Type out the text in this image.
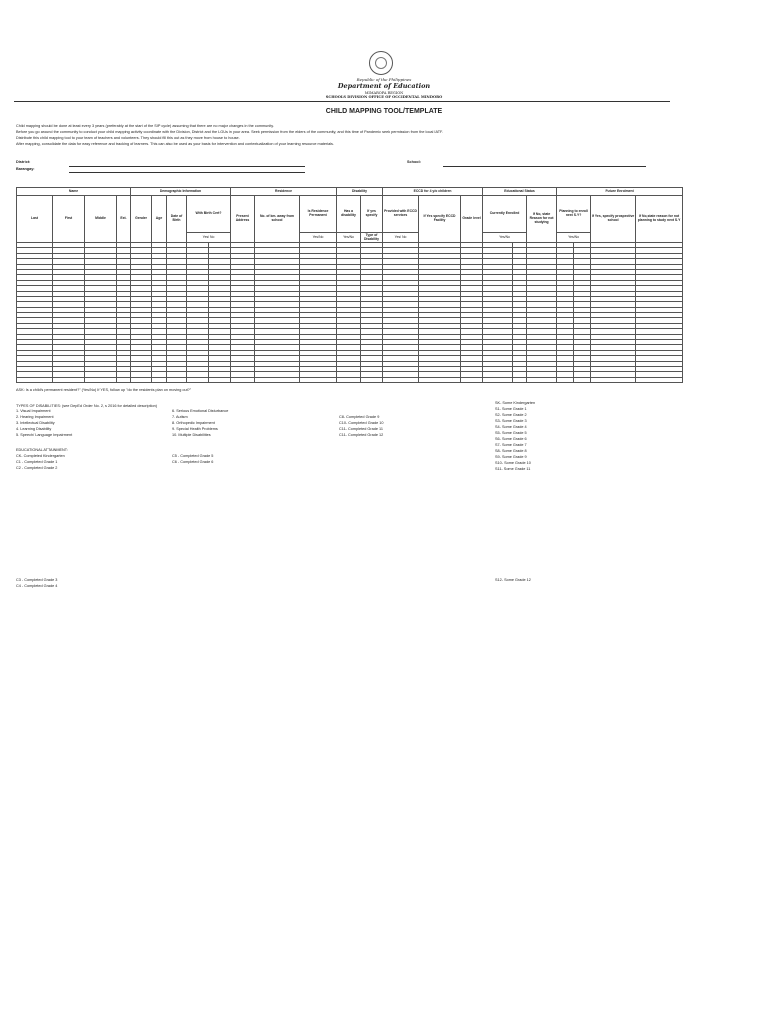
Republic of the Philippines
Department of Education
MIMAROPA REGION
SCHOOLS DIVISION OFFICE OF OCCIDENTAL MINDORO
CHILD MAPPING TOOL/TEMPLATE
Child mapping should be done at least every 3 years (preferably at the start of the SIP cycle) assuming that there are no major changes in the community.
Before you go around the community to conduct your child mapping activity coordinate with the Division, District and the LGUs in your area. Seek permission from the elders of the community, and this time of Pandemic seek permission from the local IATF.
Distribute this child mapping tool to your team of teachers and volunteers. They should fill this out as they move from house to house.
After mapping, consolidate the data for easy reference and tracking of learners. This can also be used as your basis for intervention and contextualization of your learning resource materials.
District:
Barangay:
School:
Name				Demographic Information					Residence			Disability		ECCD for 4 y/o children			Educational Status			Future Enrolment			
Last	First	Middle	Ext.	Gender	Age	Date of Birth	With Birth Cert?		Present Address	No. of km. away from school	Is Residence Permanent	Has a disability	If yes specify	Provided with ECCD services	If Yes specify ECCD Facility	Grade level	Currently Enrolled		If No, state Reason for not studying	Planning to enroll next S.Y?		If Yes, specify prospective school	If No,state reason for not planning to study next S.Y
							Yes/ No				Yes/No	Yes/No	Type of Disability	Yes/ No			Yes/No			Yes/No			

ASK: Is a child's permanent resident?" (Yes/No) If YES, follow up "do the residents plan on moving out?"
TYPES OF DISABILITIES: (see DepEd Order No. 2, s 2016 for detailed description)
1. Visual Impairment
2. Hearing Impairment
3. Intellectual Disability
4. Learning Disability
5. Speech/ Language Impairment
6. Serious Emotional Disturbance
7. Autism
8. Orthopedic Impairment
9. Special Health Problems
10. Multiple Disabilities
C8- Completed Grade 9
C10- Completed Grade 10
C11- Completed Grade 11
C11- Completed Grade 12
SK- Some Kindergarten
S1- Some Grade 1
S2- Some Grade 2
S3- Some Grade 3
S4- Some Grade 4
S5- Some Grade 5
S6- Some Grade 6
S7- Some Grade 7
S8- Some Grade 8
S9- Some Grade 9
S10- Some Grade 10
S11- Some Grade 11
EDUCATIONAL ATTAINMENT:
CK- Completed Kindergarten
C1 - Completed Grade 1
C2 - Completed Grade 2
C5 - Completed Grade 5
C6 - Completed Grade 6
C3 - Completed Grade 3
C4 - Completed Grade 4
S12- Some Grade 12
